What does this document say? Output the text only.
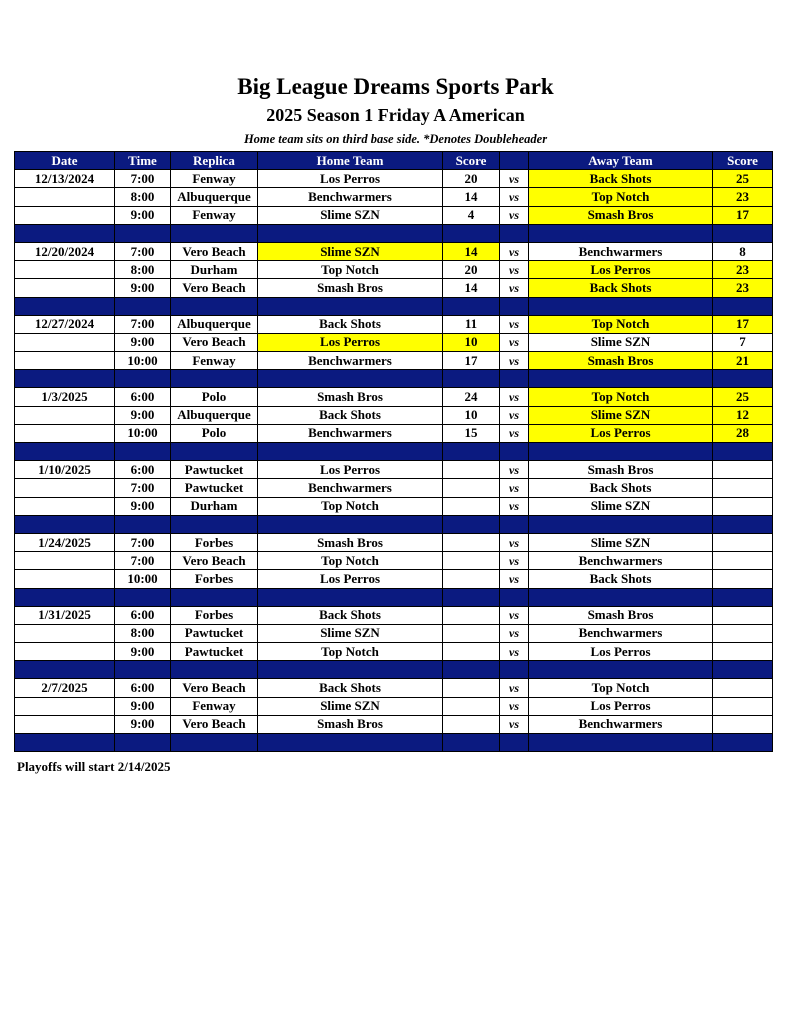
Big League Dreams Sports Park
2025 Season 1 Friday A American
Home team sits on third base side. *Denotes Doubleheader
Date	Time	Replica	Home Team	Score		Away Team	Score
12/13/2024	7:00	Fenway	Los Perros	20	vs	Back Shots	25
	8:00	Albuquerque	Benchwarmers	14	vs	Top Notch	23
	9:00	Fenway	Slime SZN	4	vs	Smash Bros	17

12/20/2024	7:00	Vero Beach	Slime SZN	14	vs	Benchwarmers	8
	8:00	Durham	Top Notch	20	vs	Los Perros	23
	9:00	Vero Beach	Smash Bros	14	vs	Back Shots	23

12/27/2024	7:00	Albuquerque	Back Shots	11	vs	Top Notch	17
	9:00	Vero Beach	Los Perros	10	vs	Slime SZN	7
	10:00	Fenway	Benchwarmers	17	vs	Smash Bros	21

1/3/2025	6:00	Polo	Smash Bros	24	vs	Top Notch	25
	9:00	Albuquerque	Back Shots	10	vs	Slime SZN	12
	10:00	Polo	Benchwarmers	15	vs	Los Perros	28

1/10/2025	6:00	Pawtucket	Los Perros		vs	Smash Bros	
	7:00	Pawtucket	Benchwarmers		vs	Back Shots	
	9:00	Durham	Top Notch		vs	Slime SZN	

1/24/2025	7:00	Forbes	Smash Bros		vs	Slime SZN	
	7:00	Vero Beach	Top Notch		vs	Benchwarmers	
	10:00	Forbes	Los Perros		vs	Back Shots	

1/31/2025	6:00	Forbes	Back Shots		vs	Smash Bros	
	8:00	Pawtucket	Slime SZN		vs	Benchwarmers	
	9:00	Pawtucket	Top Notch		vs	Los Perros	

2/7/2025	6:00	Vero Beach	Back Shots		vs	Top Notch	
	9:00	Fenway	Slime SZN		vs	Los Perros	
	9:00	Vero Beach	Smash Bros		vs	Benchwarmers	

Playoffs will start 2/14/2025
